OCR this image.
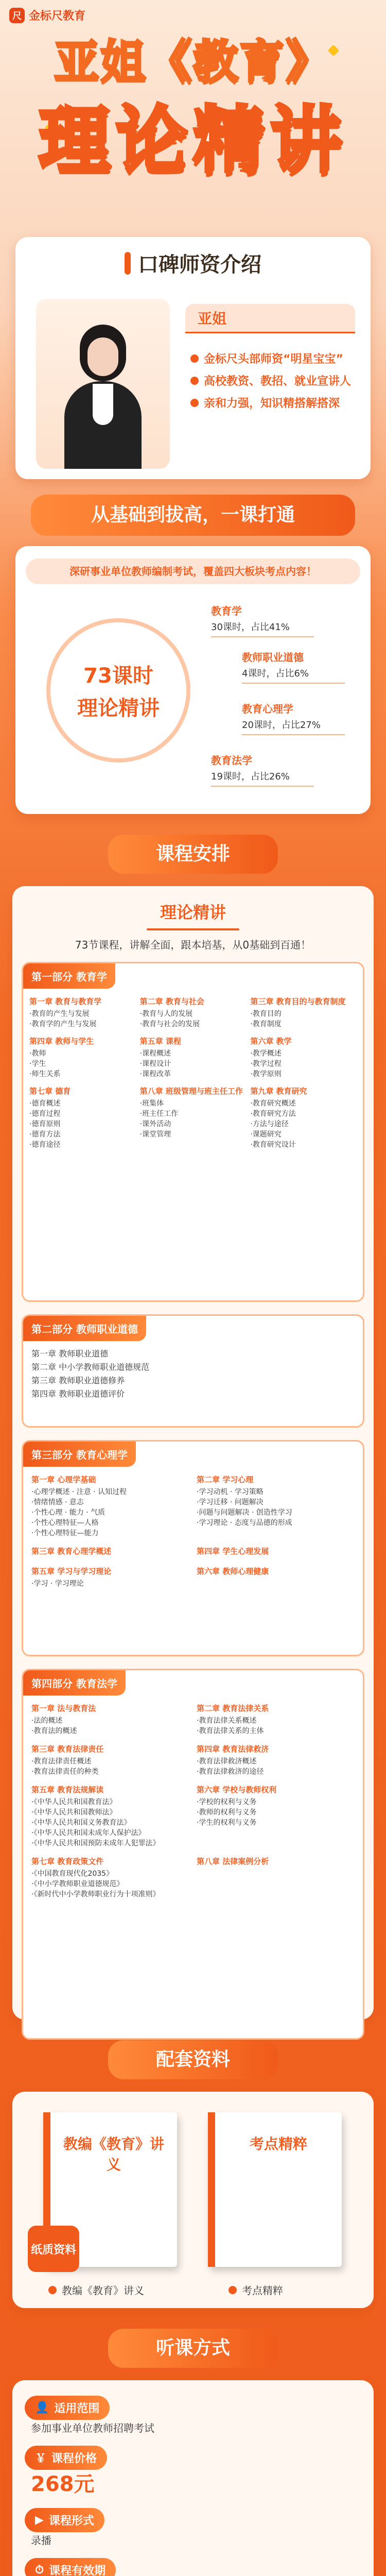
尺 金标尺教育
亚姐《教育》
理论精讲
口碑师资介绍
亚姐
金标尺头部师资“明星宝宝”
高校教资、教招、就业宣讲人
亲和力强，知识精搭解搭深
从基础到拔高，一课打通
深研事业单位教师编制考试，覆盖四大板块考点内容！
73课时
理论精讲
教育学
30课时，占比41%
教师职业道德
4课时，占比6%
教育心理学
20课时，占比27%
教育法学
19课时，占比26%
课程安排
理论精讲
73节课程，讲解全面，跟本培基，从0基础到百通！
第一部分 教育学
第一章 教育与教育学
·教育的产生与发展
·教育学的产生与发展
第二章 教育与社会
·教育与人的发展
·教育与社会的发展
第三章 教育目的与教育制度
·教育目的
·教育制度
第四章 教师与学生
·教师
·学生
·师生关系
第五章 课程
·课程概述
·课程设计
·课程改革
第六章 教学
·教学概述
·教学过程
·教学原则
第七章 德育
·德育概述
·德育过程
·德育原则
·德育方法
·德育途径
第八章 班级管理与班主任工作
·班集体
·班主任工作
·课外活动
·课堂管理
第九章 教育研究
·教育研究概述
·教育研究方法
·方法与途径
·课题研究
·教育研究设计
第二部分 教师职业道德
第一章 教师职业道德
第二章 中小学教师职业道德规范
第三章 教师职业道德修养
第四章 教师职业道德评价
第三部分 教育心理学
第一章 心理学基础
·心理学概述 · 注意 · 认知过程
·情绪情感 · 意志
·个性心理 · 能力 · 气质
·个性心理特征—人格
·个性心理特征—能力
第二章 学习心理
·学习动机 · 学习策略
·学习迁移 · 问题解决
·问题与问题解决 · 创造性学习
·学习理论 · 态度与品德的形成
第三章 教育心理学概述	第四章 学生心理发展
第五章 学习与学习理论
·学习 · 学习理论
第六章 教师心理健康
第四部分 教育法学
第一章 法与教育法
·法的概述
·教育法的概述
第二章 教育法律关系
·教育法律关系概述
·教育法律关系的主体
第三章 教育法律责任
·教育法律责任概述
·教育法律责任的种类
第四章 教育法律救济
·教育法律救济概述
·教育法律救济的途径
第五章 教育法规解读
·《中华人民共和国教育法》
·《中华人民共和国教师法》
·《中华人民共和国义务教育法》
·《中华人民共和国未成年人保护法》
·《中华人民共和国预防未成年人犯罪法》
第六章 学校与教师权利
·学校的权利与义务
·教师的权利与义务
·学生的权利与义务
第七章 教育政策文件
·《中国教育现代化2035》
·《中小学教师职业道德规范》
·《新时代中小学教师职业行为十项准则》
第八章 法律案例分析
配套资料
教编《教育》讲义
纸质资料
考点精粹
教编《教育》讲义	考点精粹
听课方式
👤 适用范围
参加事业单位教师招聘考试
￥ 课程价格
268元
▶ 课程形式
录播
⏱ 课程有效期
